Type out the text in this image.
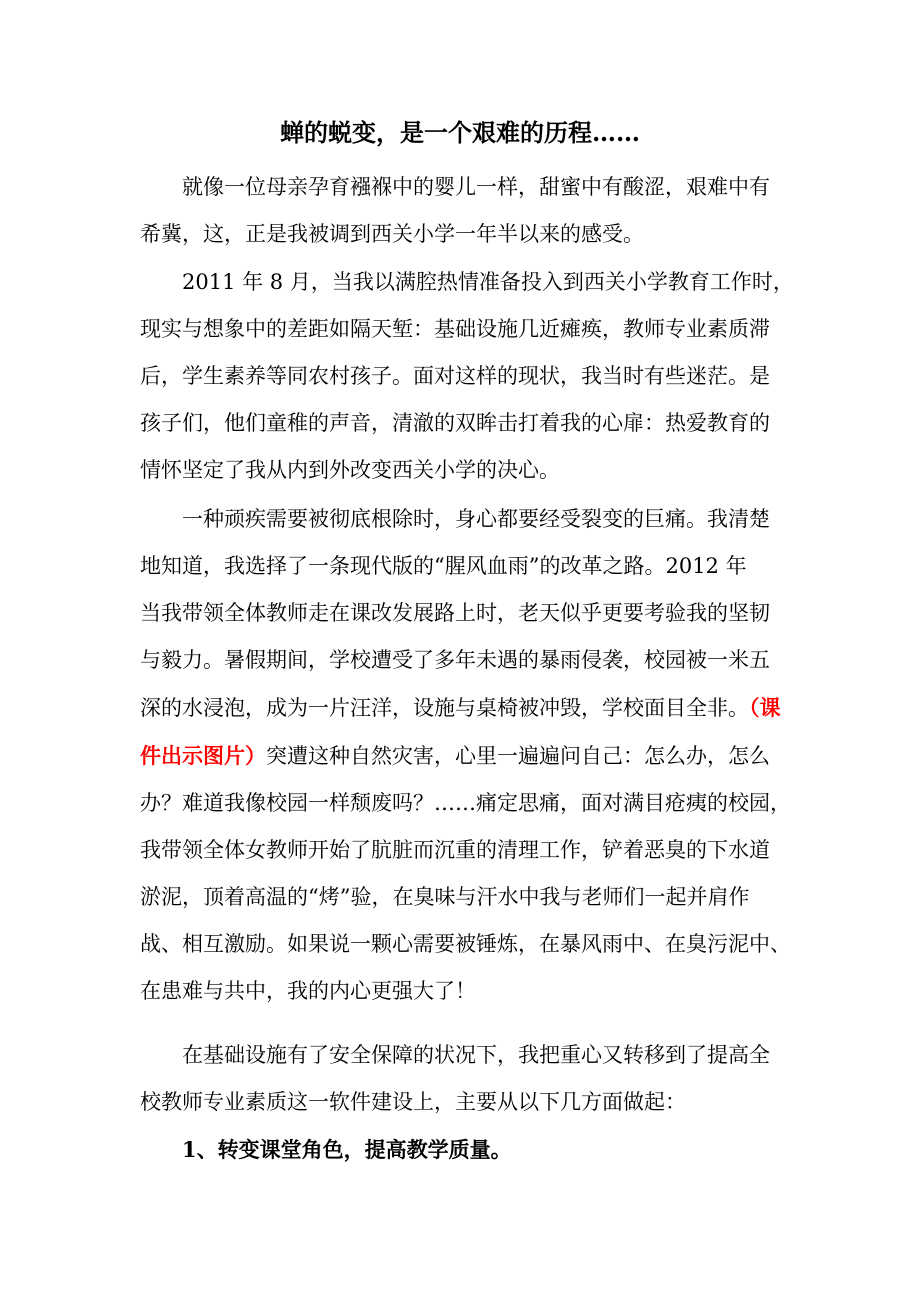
蝉的蜕变，是一个艰难的历程……

就像一位母亲孕育襁褓中的婴儿一样，甜蜜中有酸涩，艰难中有
希冀，这，正是我被调到西关小学一年半以来的感受。

2011 年 8 月，当我以满腔热情准备投入到西关小学教育工作时，
现实与想象中的差距如隔天堑：基础设施几近瘫痪，教师专业素质滞
后，学生素养等同农村孩子。面对这样的现状，我当时有些迷茫。是
孩子们，他们童稚的声音，清澈的双眸击打着我的心扉：热爱教育的
情怀坚定了我从内到外改变西关小学的决心。

一种顽疾需要被彻底根除时，身心都要经受裂变的巨痛。我清楚
地知道，我选择了一条现代版的“腥风血雨”的改革之路。2012 年
当我带领全体教师走在课改发展路上时，老天似乎更要考验我的坚韧
与毅力。暑假期间，学校遭受了多年未遇的暴雨侵袭，校园被一米五
深的水浸泡，成为一片汪洋，设施与桌椅被冲毁，学校面目全非。（课
件出示图片）突遭这种自然灾害，心里一遍遍问自己：怎么办，怎么
办？难道我像校园一样颓废吗？……痛定思痛，面对满目疮痍的校园，
我带领全体女教师开始了肮脏而沉重的清理工作，铲着恶臭的下水道
淤泥，顶着高温的“烤”验，在臭味与汗水中我与老师们一起并肩作
战、相互激励。如果说一颗心需要被锤炼，在暴风雨中、在臭污泥中、
在患难与共中，我的内心更强大了！

在基础设施有了安全保障的状况下，我把重心又转移到了提高全
校教师专业素质这一软件建设上，主要从以下几方面做起：

1、转变课堂角色，提高教学质量。
